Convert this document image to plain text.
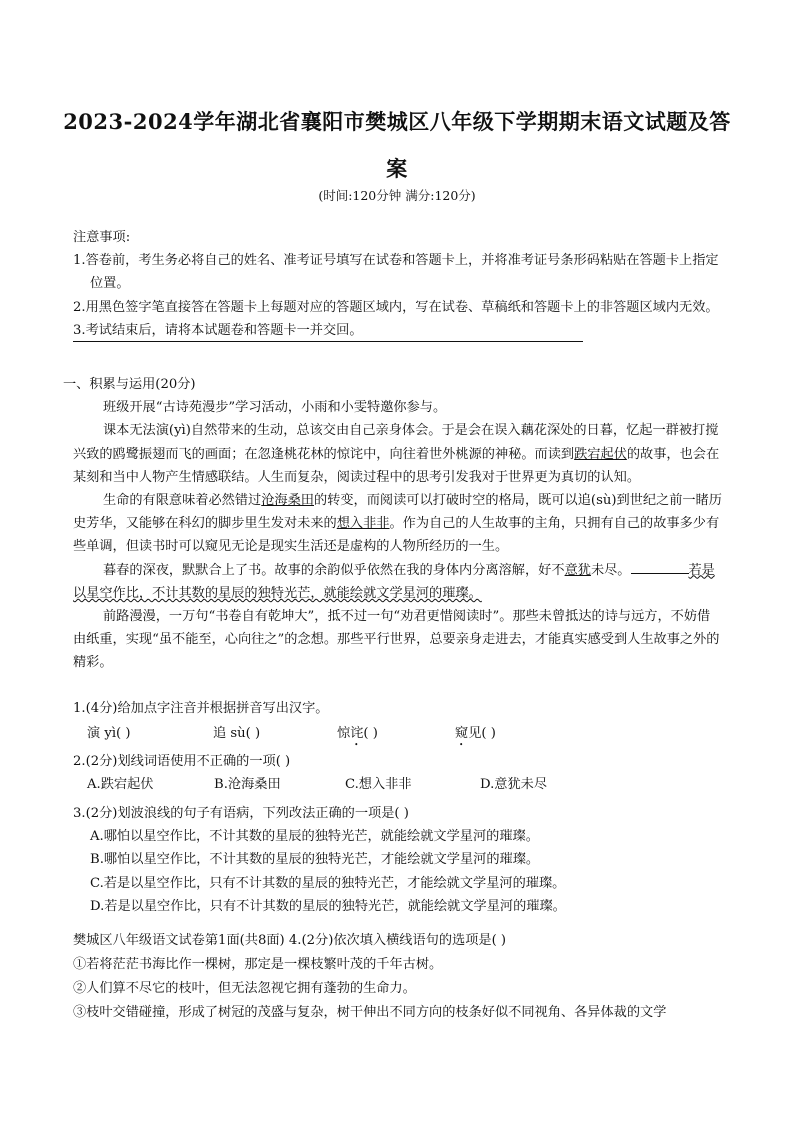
2023-2024学年湖北省襄阳市樊城区八年级下学期期末语文试题及答案
(时间:120分钟 满分:120分)

注意事项:

1.答卷前，考生务必将自己的姓名、准考证号填写在试卷和答题卡上，并将准考证号条形码粘贴在答题卡上指定位置。

2.用黑色签字笔直接答在答题卡上每题对应的答题区域内，写在试卷、草稿纸和答题卡上的非答题区域内无效。

3.考试结束后，请将本试题卷和答题卡一并交回。

一、积累与运用(20分)

班级开展“古诗苑漫步”学习活动，小雨和小雯特邀你参与。

课本无法演(yì)自然带来的生动，总该交由自己亲身体会。于是会在误入藕花深处的日暮，忆起一群被打搅兴致的鸥鹭振翅而飞的画面；在忽逢桃花林的惊诧中，向往着世外桃源的神秘。而读到跌宕起伏的故事，也会在某刻和当中人物产生情感联结。人生而复杂，阅读过程中的思考引发我对于世界更为真切的认知。

生命的有限意味着必然错过沧海桑田的转变，而阅读可以打破时空的格局，既可以追(sù)到世纪之前一睹历史芳华，又能够在科幻的脚步里生发对未来的想入非非。作为自己的人生故事的主角，只拥有自己的故事多少有些单调，但读书时可以窥见无论是现实生活还是虚构的人物所经历的一生。

暮春的深夜，默默合上了书。故事的余韵似乎依然在我的身体内分离溶解，好不意犹未尽。	若是以星空作比，不计其数的星辰的独特光芒，就能绘就文学星河的璀璨。

前路漫漫，一万句“书卷自有乾坤大”，抵不过一句“劝君更惜阅读时”。那些未曾抵达的诗与远方，不妨借由纸重，实现“虽不能至，心向往之”的念想。那些平行世界，总要亲身走进去，才能真实感受到人生故事之外的精彩。

1.(4分)给加点字注音并根据拼音写出汉字。

演 yì( )	追 sù( )	惊诧( )	窥见( )

2.(2分)划线词语使用不正确的一项( )

A.跌宕起伏	B.沧海桑田	C.想入非非	D.意犹未尽

3.(2分)划波浪线的句子有语病，下列改法正确的一项是( )

A.哪怕以星空作比，不计其数的星辰的独特光芒，就能绘就文学星河的璀璨。

B.哪怕以星空作比，不计其数的星辰的独特光芒，才能绘就文学星河的璀璨。

C.若是以星空作比，只有不计其数的星辰的独特光芒，才能绘就文学星河的璀璨。

D.若是以星空作比，只有不计其数的星辰的独特光芒，就能绘就文学星河的璀璨。

樊城区八年级语文试卷第1面(共8面) 4.(2分)依次填入横线语句的选项是( )

①若将茫茫书海比作一棵树，那定是一棵枝繁叶茂的千年古树。

②人们算不尽它的枝叶，但无法忽视它拥有蓬勃的生命力。

③枝叶交错碰撞，形成了树冠的茂盛与复杂，树干伸出不同方向的枝条好似不同视角、各异体裁的文学
